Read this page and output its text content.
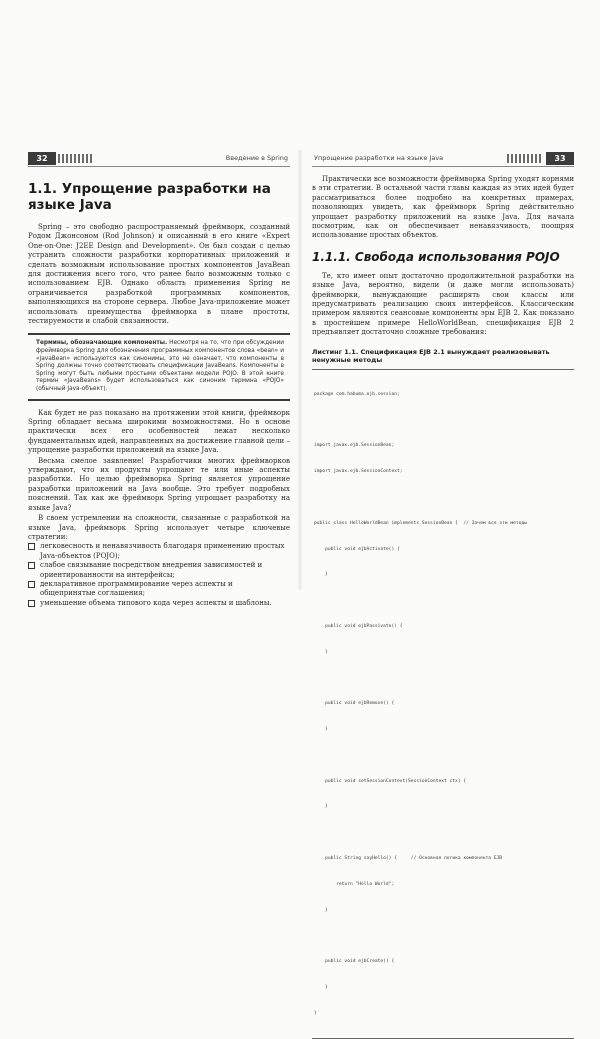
32	Введение в Spring
1.1. Упрощение разработки на языке Java

Spring – это свободно распространяемый фреймворк, созданный Родом Джонсоном (Rod Johnson) и описанный в его книге «Expert One-on-One: J2EE Design and Development». Он был создан с целью устранить сложности разработки корпоративных приложений и сделать возможным использование простых компонентов JavaBean для достижения всего того, что ранее было возможным только с использованием EJB. Однако область применения Spring не ограничивается разработкой программных компонентов, выполняющихся на стороне сервера. Любое Java-приложение может использовать преимущества фреймворка в плане простоты, тестируемости и слабой связанности.

Термины, обозначающие компоненты. Несмотря на то, что при обсуждении фреймворка Spring для обозначения программных компонентов слова «bean» и «JavaBean» используются как синонимы, это не означает, что компоненты в Spring должны точно соответствовать спецификации JavaBeans. Компоненты в Spring могут быть любыми простыми объектами модели POJO. В этой книге термин «JavaBeans» будет использоваться как синоним термина «POJO» (обычный Java-объект).

Как будет не раз показано на протяжении этой книги, фреймворк Spring обладает весьма широкими возможностями. Но в основе практически всех его особенностей лежат несколько фундаментальных идей, направленных на достижение главной цели – упрощение разработки приложений на языке Java.

Весьма смелое заявление! Разработчики многих фреймворков утверждают, что их продукты упрощают те или иные аспекты разработки. Но целью фреймворка Spring является упрощение разработки приложений на Java вообще. Это требует подробных пояснений. Так как же фреймворк Spring упрощает разработку на языке Java?

В своем устремлении на сложности, связанные с разработкой на языке Java, фреймворк Spring использует четыре ключевые стратегии:

легковесность и ненавязчивость благодаря применению простых Java-объектов (POJO);
слабое связывание посредством внедрения зависимостей и ориентированности на интерфейсы;
декларативное программирование через аспекты и общепринятые соглашения;
уменьшение объема типового кода через аспекты и шаблоны.
Упрощение разработки на языке Java	33

Практически все возможности фреймворка Spring уходят корнями в эти стратегии. В остальной части главы каждая из этих идей будет рассматриваться более подробно на конкретных примерах, позволяющих увидеть, как фреймворк Spring действительно упрощает разработку приложений на языке Java. Для начала посмотрим, как он обеспечивает ненавязчивость, поощряя использование простых объектов.

1.1.1. Свобода использования POJO

Те, кто имеет опыт достаточно продолжительной разработки на языке Java, вероятно, видели (и даже могли использовать) фреймворки, вынуждающие расширять свои классы или предусматривать реализацию своих интерфейсов. Классическим примером являются сеансовые компоненты эры EJB 2. Как показано в простейшем примере HelloWorldBean, спецификация EJB 2 предъявляет достаточно сложные требования:

Листинг 1.1. Спецификация EJB 2.1 вынуждает реализовывать ненужные методы

package com.habuma.ejb.session;

import javax.ejb.SessionBean;

import javax.ejb.SessionContext;

public class HelloWorldBean implements SessionBean {  // Зачем все эти методы

public void ejbActivate() {

}

public void ejbPassivate() {

}

public void ejbRemove() {

}

public void setSessionContext(SessionContext ctx) {

}

public String sayHello() {     // Основная логика компонента EJB

return "Hello World";

}

public void ejbCreate() {

}

}
